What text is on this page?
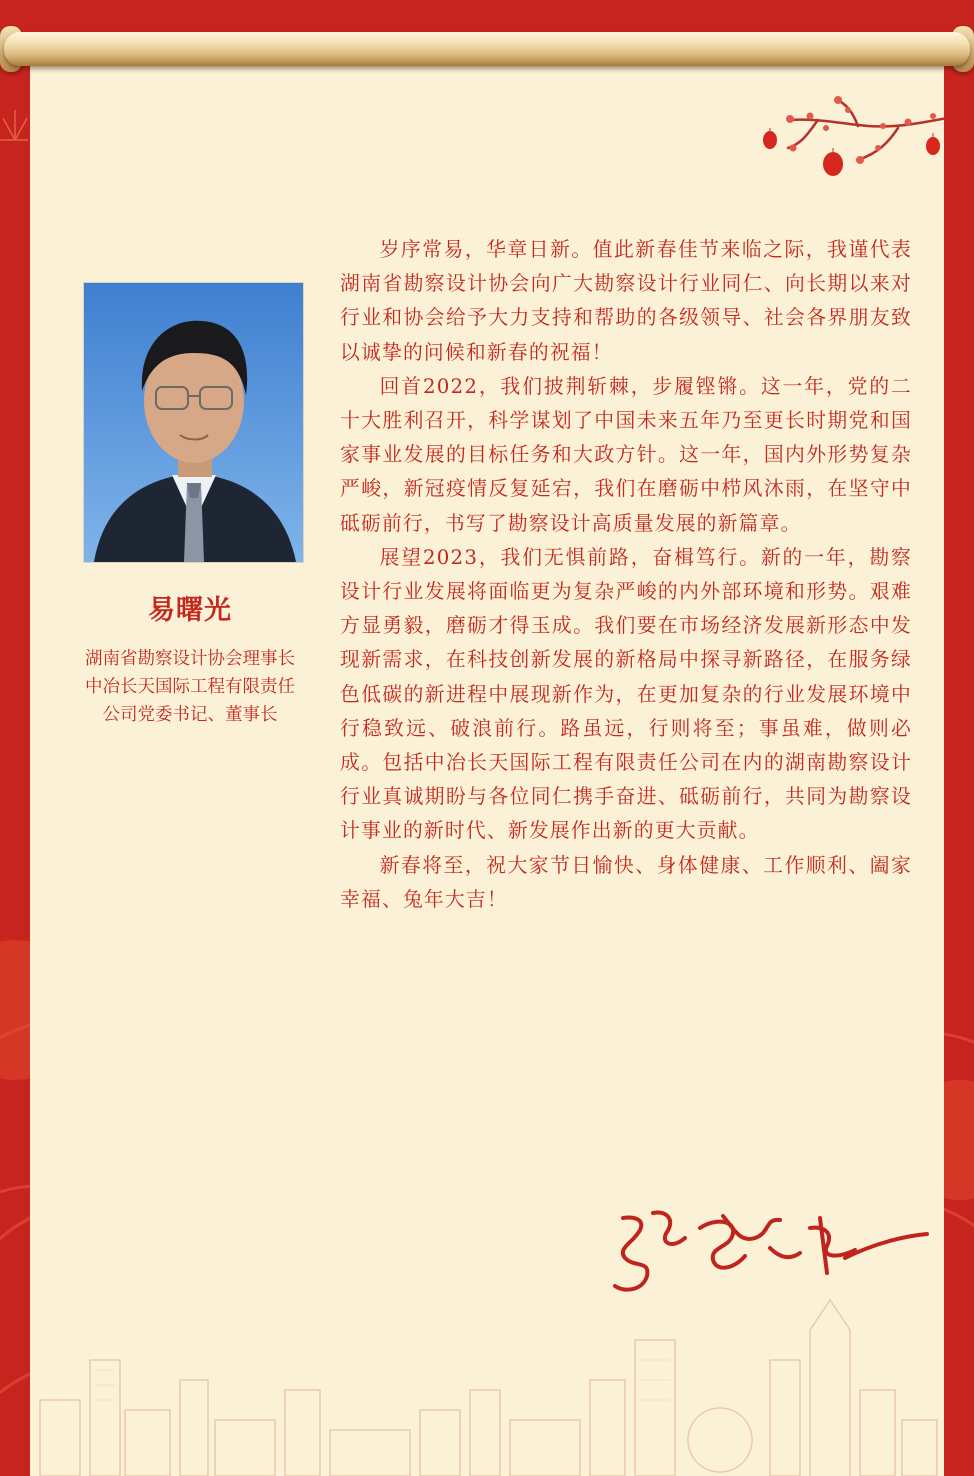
易曙光
湖南省勘察设计协会理事长
中冶长天国际工程有限责任
公司党委书记、董事长

岁序常易，华章日新。值此新春佳节来临之际，我谨代表湖南省勘察设计协会向广大勘察设计行业同仁、向长期以来对行业和协会给予大力支持和帮助的各级领导、社会各界朋友致以诚挚的问候和新春的祝福！

回首2022，我们披荆斩棘，步履铿锵。这一年，党的二十大胜利召开，科学谋划了中国未来五年乃至更长时期党和国家事业发展的目标任务和大政方针。这一年，国内外形势复杂严峻，新冠疫情反复延宕，我们在磨砺中栉风沐雨，在坚守中砥砺前行，书写了勘察设计高质量发展的新篇章。

展望2023，我们无惧前路，奋楫笃行。新的一年，勘察设计行业发展将面临更为复杂严峻的内外部环境和形势。艰难方显勇毅，磨砺才得玉成。我们要在市场经济发展新形态中发现新需求，在科技创新发展的新格局中探寻新路径，在服务绿色低碳的新进程中展现新作为，在更加复杂的行业发展环境中行稳致远、破浪前行。路虽远，行则将至；事虽难，做则必成。包括中冶长天国际工程有限责任公司在内的湖南勘察设计行业真诚期盼与各位同仁携手奋进、砥砺前行，共同为勘察设计事业的新时代、新发展作出新的更大贡献。

新春将至，祝大家节日愉快、身体健康、工作顺利、阖家幸福、兔年大吉！
